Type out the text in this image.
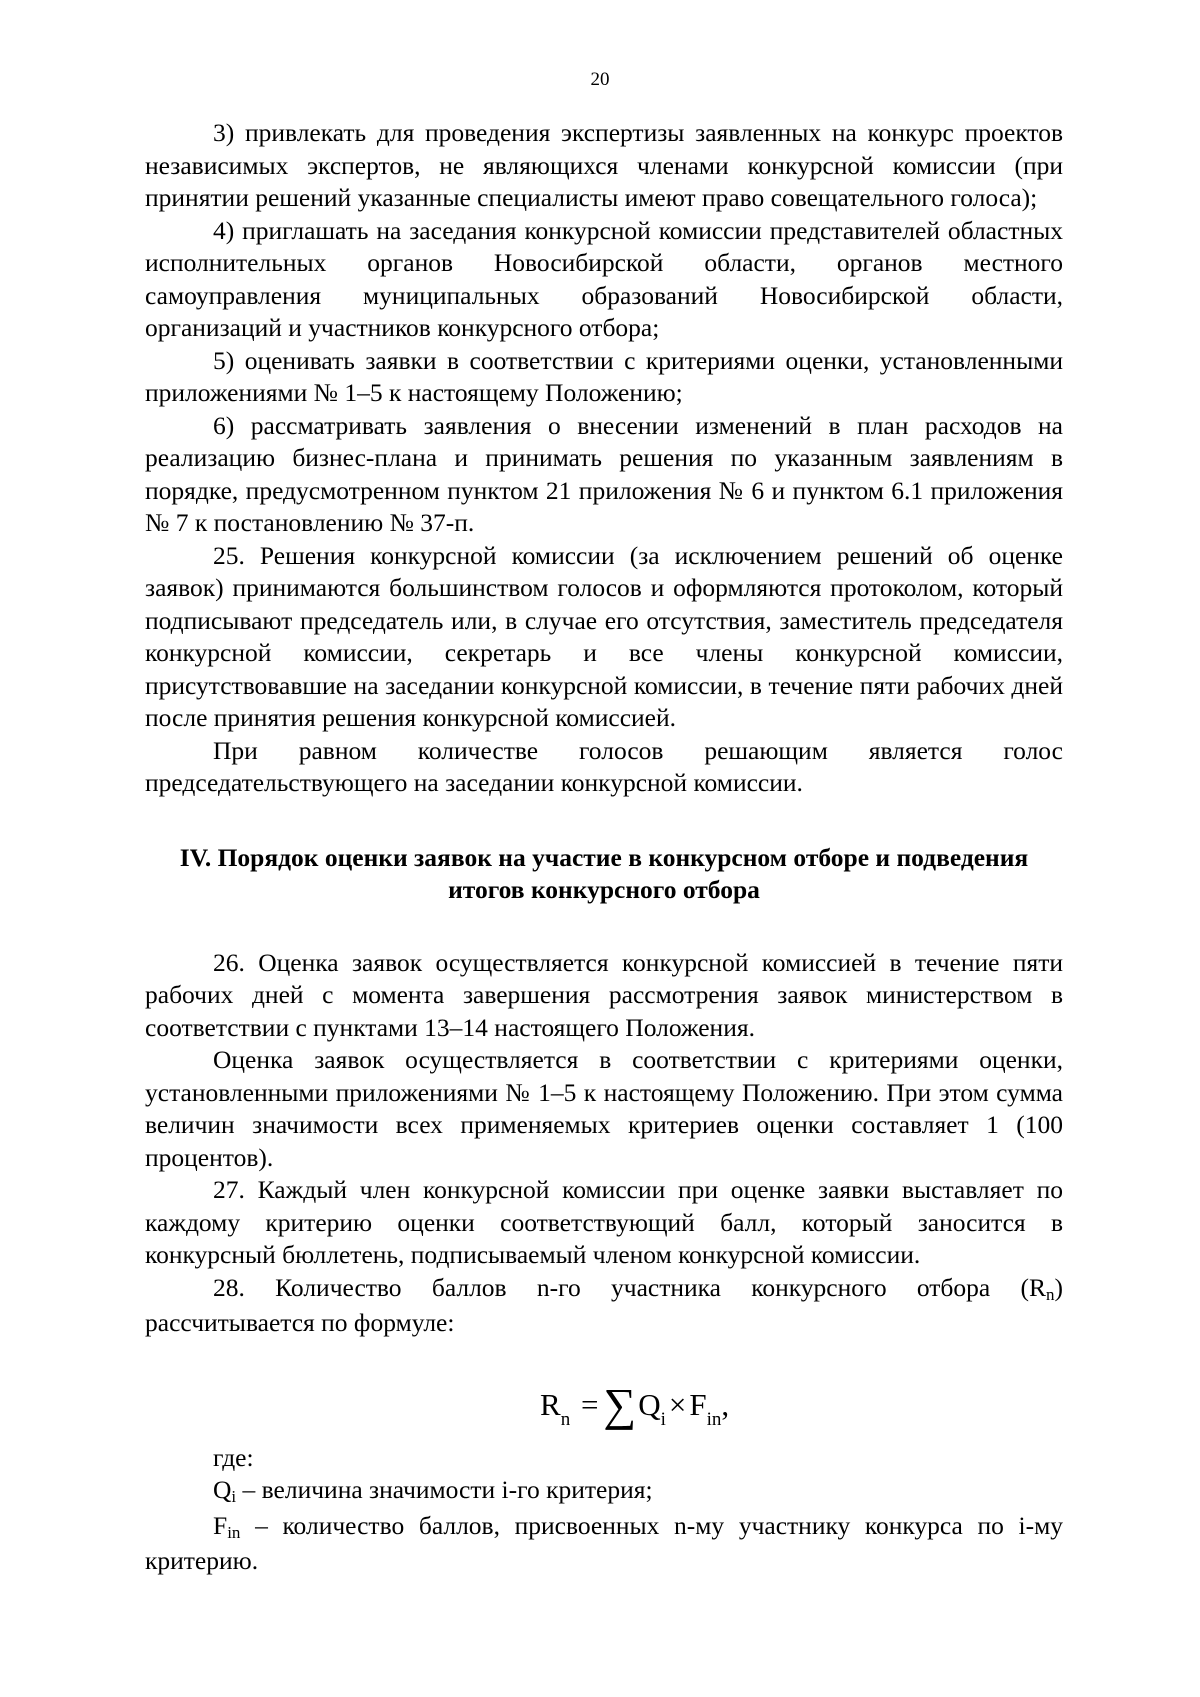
20

3) привлекать для проведения экспертизы заявленных на конкурс проектов независимых экспертов, не являющихся членами конкурсной комиссии (при принятии решений указанные специалисты имеют право совещательного голоса);

4) приглашать на заседания конкурсной комиссии представителей областных исполнительных органов Новосибирской области, органов местного самоуправления муниципальных образований Новосибирской области, организаций и участников конкурсного отбора;

5) оценивать заявки в соответствии с критериями оценки, установленными приложениями № 1–5 к настоящему Положению;

6) рассматривать заявления о внесении изменений в план расходов на реализацию бизнес-плана и принимать решения по указанным заявлениям в порядке, предусмотренном пунктом 21 приложения № 6 и пунктом 6.1 приложения № 7 к постановлению № 37-п.

25. Решения конкурсной комиссии (за исключением решений об оценке заявок) принимаются большинством голосов и оформляются протоколом, который подписывают председатель или, в случае его отсутствия, заместитель председателя конкурсной комиссии, секретарь и все члены конкурсной комиссии, присутствовавшие на заседании конкурсной комиссии, в течение пяти рабочих дней после принятия решения конкурсной комиссией.

При равном количестве голосов решающим является голос председательствующего на заседании конкурсной комиссии.

IV. Порядок оценки заявок на участие в конкурсном отборе и подведения итогов конкурсного отбора

26. Оценка заявок осуществляется конкурсной комиссией в течение пяти рабочих дней с момента завершения рассмотрения заявок министерством в соответствии с пунктами 13–14 настоящего Положения.

Оценка заявок осуществляется в соответствии с критериями оценки, установленными приложениями № 1–5 к настоящему Положению. При этом сумма величин значимости всех применяемых критериев оценки составляет 1 (100 процентов).

27. Каждый член конкурсной комиссии при оценке заявки выставляет по каждому критерию оценки соответствующий балл, который заносится в конкурсный бюллетень, подписываемый членом конкурсной комиссии.

28. Количество баллов n-го участника конкурсного отбора (Rn) рассчитывается по формуле:

$R_n = \sum Q_i\times F_{in}$,

где:

Qi – величина значимости i-го критерия;

Fin – количество баллов, присвоенных n-му участнику конкурса по i-му критерию.
